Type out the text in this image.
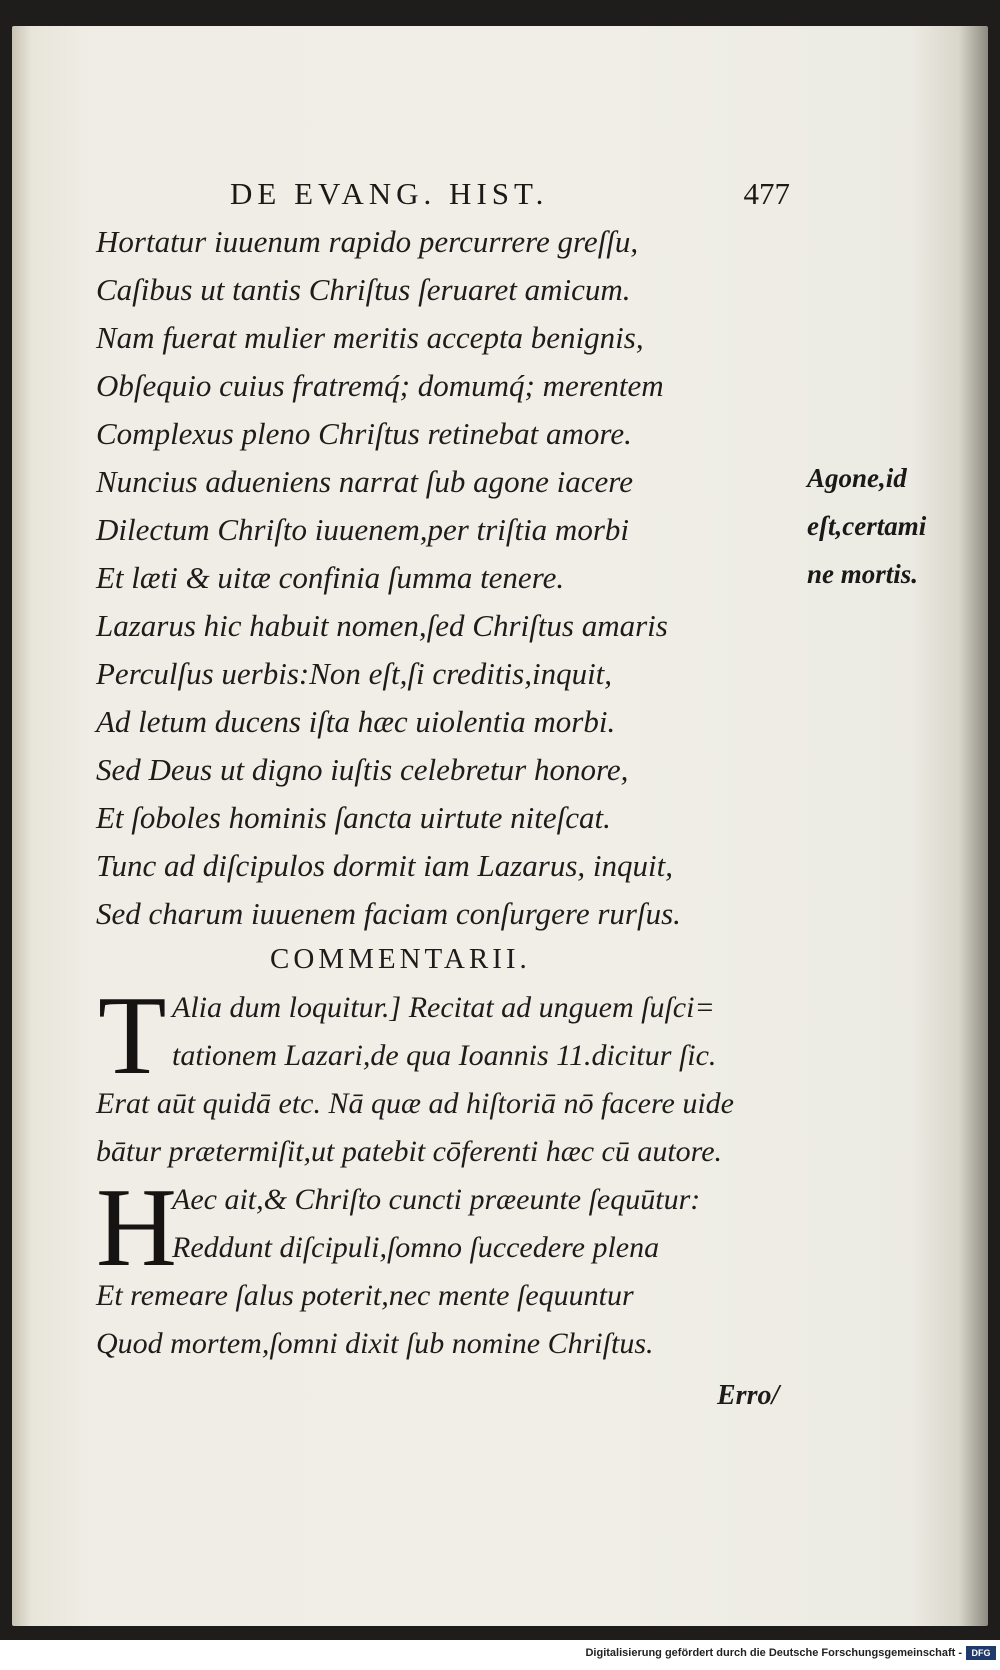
DE EVANG. HIST.	477
Hortatur iuuenum rapido percurrere greſſu,
Caſibus ut tantis Chriſtus ſeruaret amicum.
Nam fuerat mulier meritis accepta benignis,
Obſequio cuius fratremq́; domumq́; merentem
Complexus pleno Chriſtus retinebat amore.
Nuncius adueniens narrat ſub agone iacere
Dilectum Chriſto iuuenem,per triſtia morbi
Et læti & uitæ confinia ſumma tenere.
Lazarus hic habuit nomen,ſed Chriſtus amaris
Perculſus uerbis:Non eſt,ſi creditis,inquit,
Ad letum ducens iſta hæc uiolentia morbi.
Sed Deus ut digno iuſtis celebretur honore,
Et ſoboles hominis ſancta uirtute niteſcat.
Tunc ad diſcipulos dormit iam Lazarus, inquit,
Sed charum iuuenem faciam conſurgere rurſus.
Agone,id
eſt,certami
ne mortis.
COMMENTARII.
T Alia dum loquitur.] Recitat ad unguem ſuſci=
tationem Lazari,de qua Ioannis 11.dicitur ſic.
Erat aūt quidā etc. Nā quæ ad hiſtoriā nō facere uide
bātur prætermiſit,ut patebit cōferenti hæc cū autore.
H
Aec ait,& Chriſto cuncti præeunte ſequūtur:
Reddunt diſcipuli,ſomno ſuccedere plena
Et remeare ſalus poterit,nec mente ſequuntur
Quod mortem,ſomni dixit ſub nomine Chriſtus.
Erro/
Digitalisierung gefördert durch die Deutsche Forschungsgemeinschaft -	DFG
